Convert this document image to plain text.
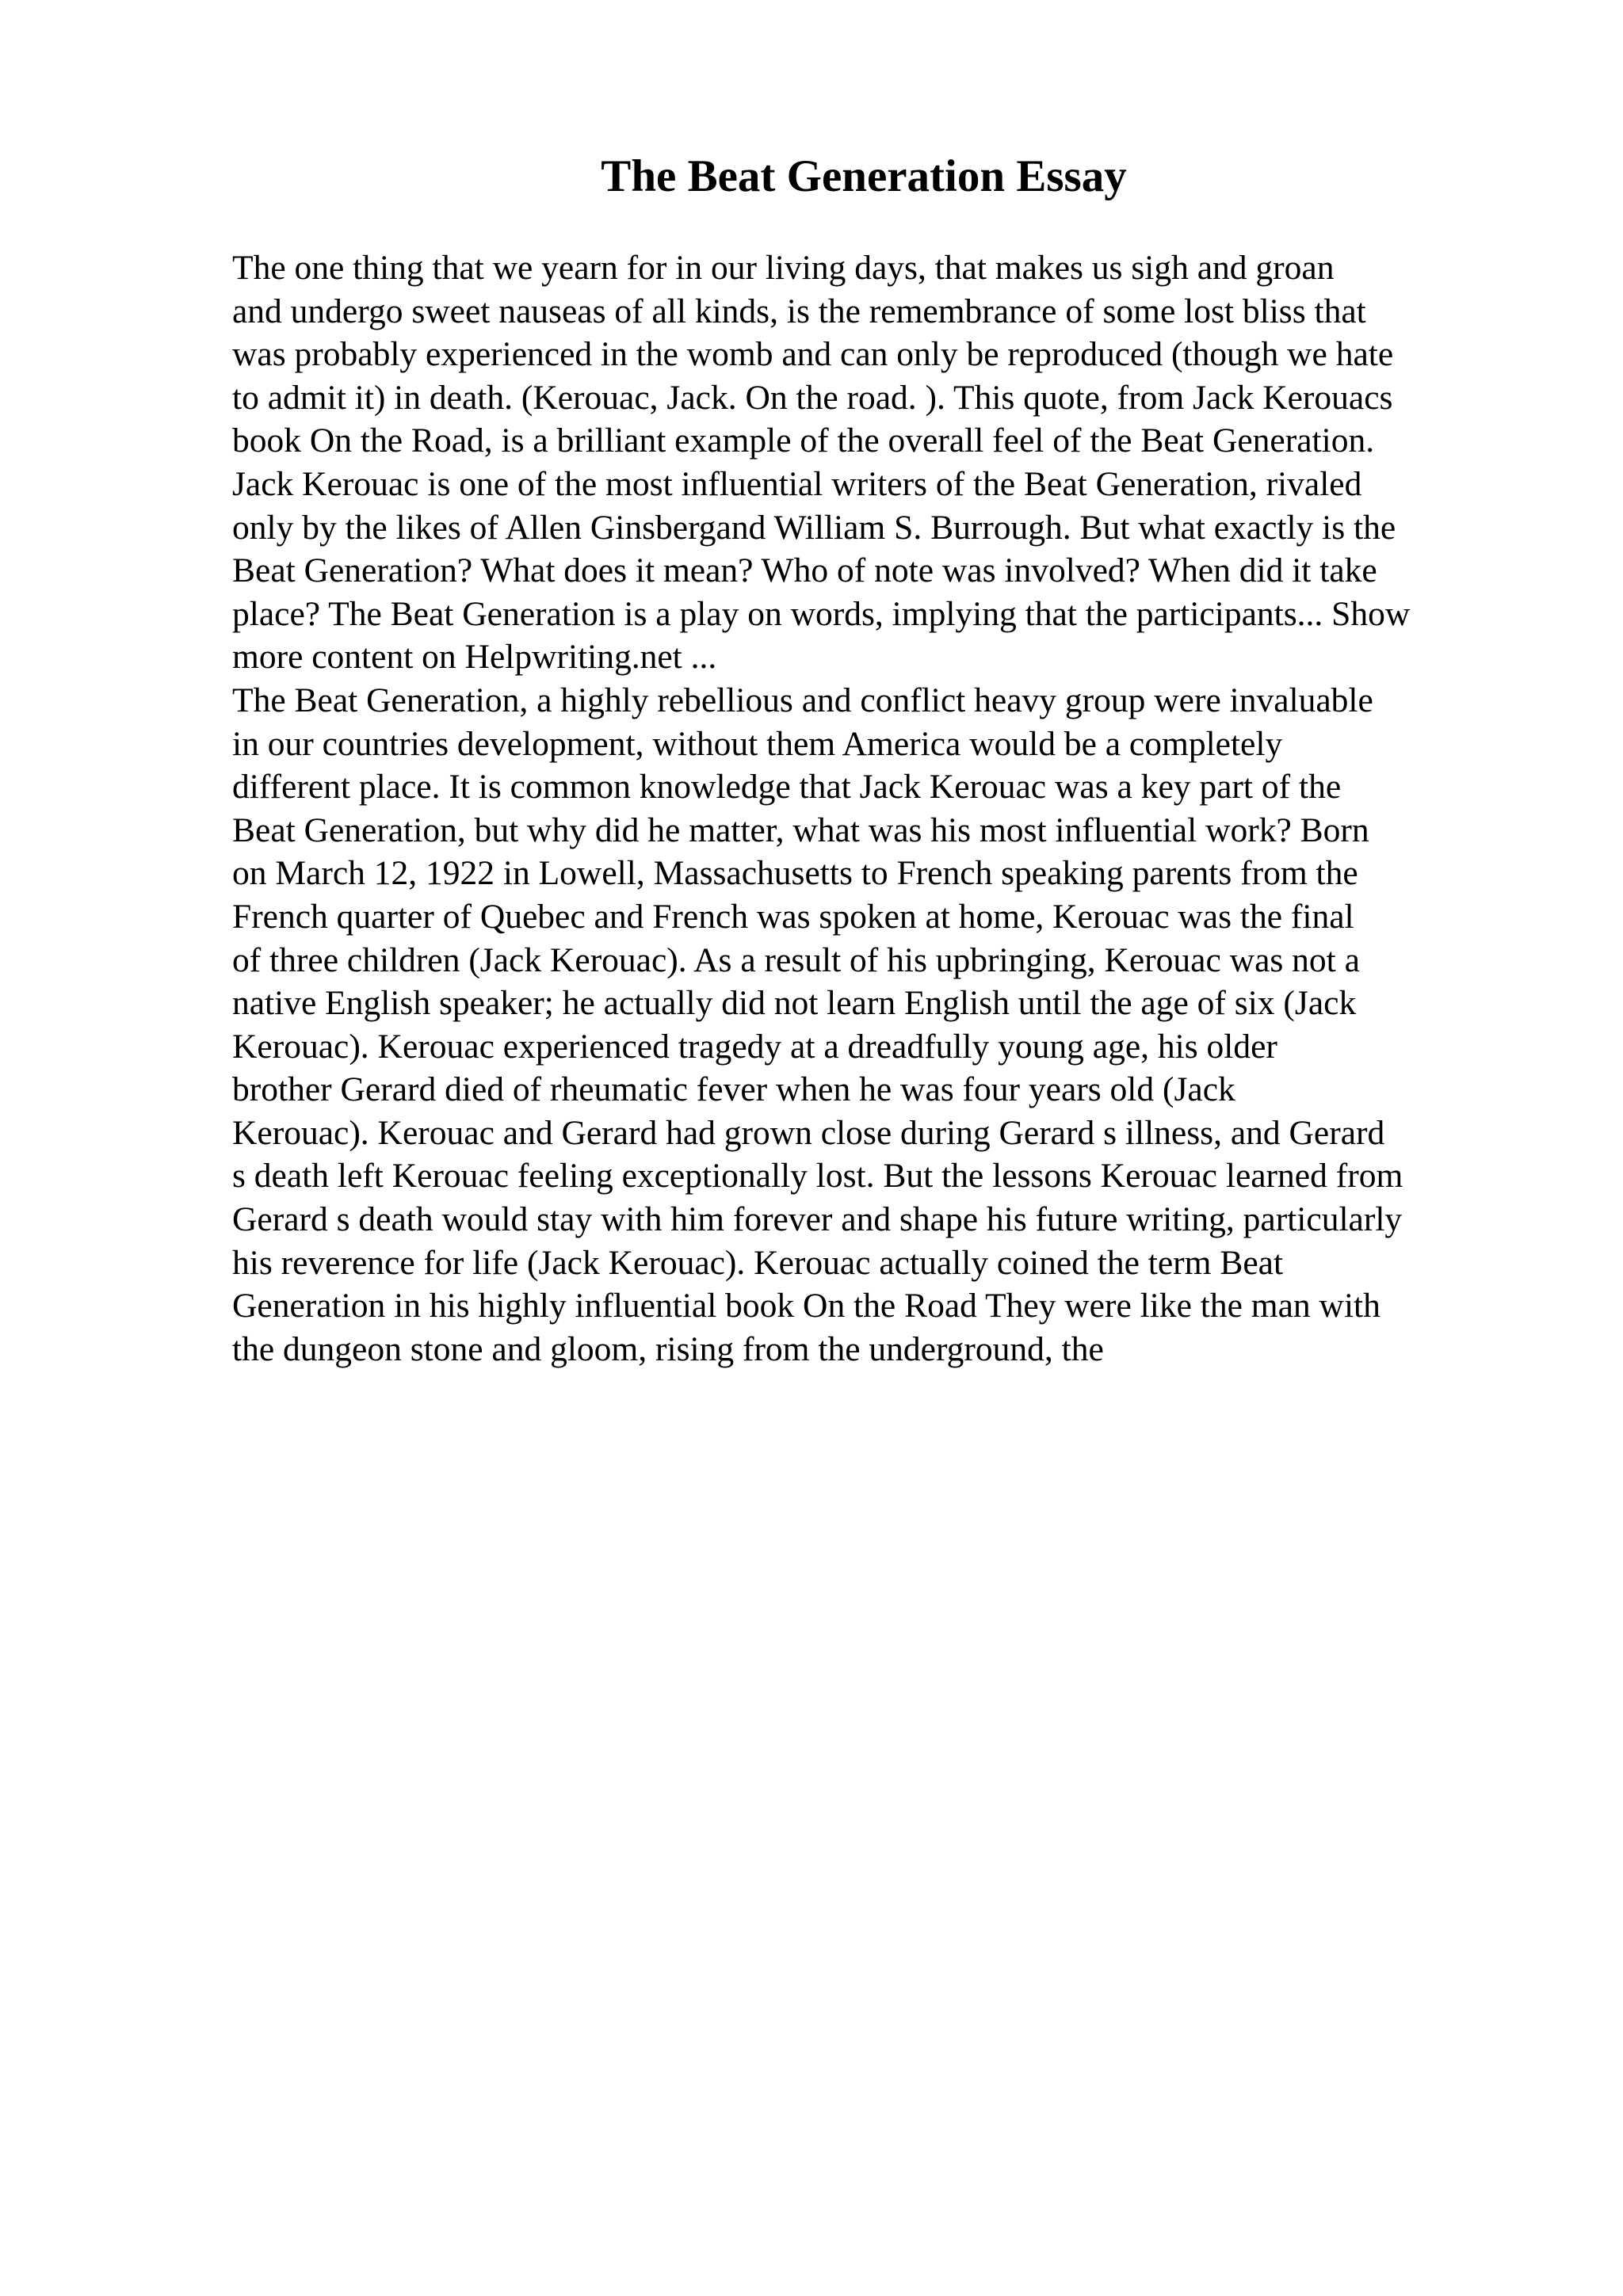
The Beat Generation Essay
The one thing that we yearn for in our living days, that makes us sigh and groan
and undergo sweet nauseas of all kinds, is the remembrance of some lost bliss that
was probably experienced in the womb and can only be reproduced (though we hate
to admit it) in death. (Kerouac, Jack. On the road. ). This quote, from Jack Kerouacs
book On the Road, is a brilliant example of the overall feel of the Beat Generation.
Jack Kerouac is one of the most influential writers of the Beat Generation, rivaled
only by the likes of Allen Ginsbergand William S. Burrough. But what exactly is the
Beat Generation? What does it mean? Who of note was involved? When did it take
place? The Beat Generation is a play on words, implying that the participants... Show
more content on Helpwriting.net ...
The Beat Generation, a highly rebellious and conflict heavy group were invaluable
in our countries development, without them America would be a completely
different place. It is common knowledge that Jack Kerouac was a key part of the
Beat Generation, but why did he matter, what was his most influential work? Born
on March 12, 1922 in Lowell, Massachusetts to French speaking parents from the
French quarter of Quebec and French was spoken at home, Kerouac was the final
of three children (Jack Kerouac). As a result of his upbringing, Kerouac was not a
native English speaker; he actually did not learn English until the age of six (Jack
Kerouac). Kerouac experienced tragedy at a dreadfully young age, his older
brother Gerard died of rheumatic fever when he was four years old (Jack
Kerouac). Kerouac and Gerard had grown close during Gerard s illness, and Gerard
s death left Kerouac feeling exceptionally lost. But the lessons Kerouac learned from
Gerard s death would stay with him forever and shape his future writing, particularly
his reverence for life (Jack Kerouac). Kerouac actually coined the term Beat
Generation in his highly influential book On the Road They were like the man with
the dungeon stone and gloom, rising from the underground, the
